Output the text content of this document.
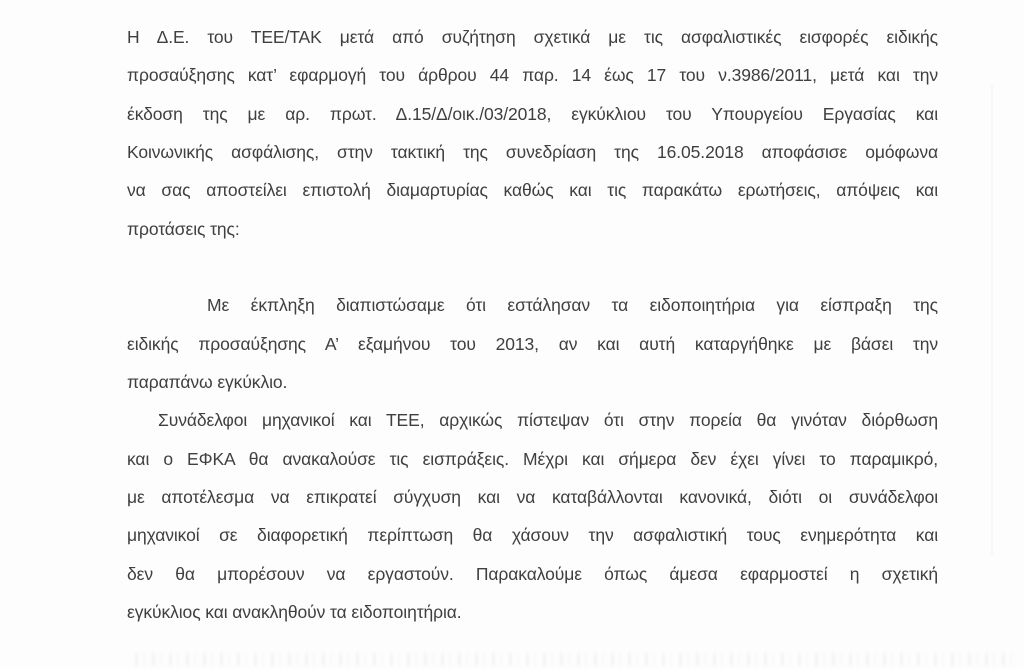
Η Δ.Ε. του ΤΕΕ/ΤΑΚ μετά από συζήτηση σχετικά με τις ασφαλιστικές εισφορές ειδικής
προσαύξησης κατ’ εφαρμογή του άρθρου 44 παρ. 14 έως 17 του ν.3986/2011, μετά και την
έκδοση της με αρ. πρωτ. Δ.15/Δ/οικ./03/2018, εγκύκλιου του Υπουργείου Εργασίας και
Κοινωνικής ασφάλισης, στην τακτική της συνεδρίαση της 16.05.2018 αποφάσισε ομόφωνα
να σας αποστείλει επιστολή διαμαρτυρίας καθώς και τις παρακάτω ερωτήσεις, απόψεις και
προτάσεις της:
Με έκπληξη διαπιστώσαμε ότι εστάλησαν τα ειδοποιητήρια για είσπραξη της
ειδικής προσαύξησης Α’ εξαμήνου του 2013, αν και αυτή καταργήθηκε με βάσει την
παραπάνω εγκύκλιο.
Συνάδελφοι μηχανικοί και ΤΕΕ, αρχικώς πίστεψαν ότι στην πορεία θα γινόταν διόρθωση
και ο ΕΦΚΑ θα ανακαλούσε τις εισπράξεις. Μέχρι και σήμερα δεν έχει γίνει το παραμικρό,
με αποτέλεσμα να επικρατεί σύγχυση και να καταβάλλονται κανονικά, διότι οι συνάδελφοι
μηχανικοί σε διαφορετική περίπτωση θα χάσουν την ασφαλιστική τους ενημερότητα και
δεν θα μπορέσουν να εργαστούν. Παρακαλούμε όπως άμεσα εφαρμοστεί η σχετική
εγκύκλιος και ανακληθούν τα ειδοποιητήρια.
